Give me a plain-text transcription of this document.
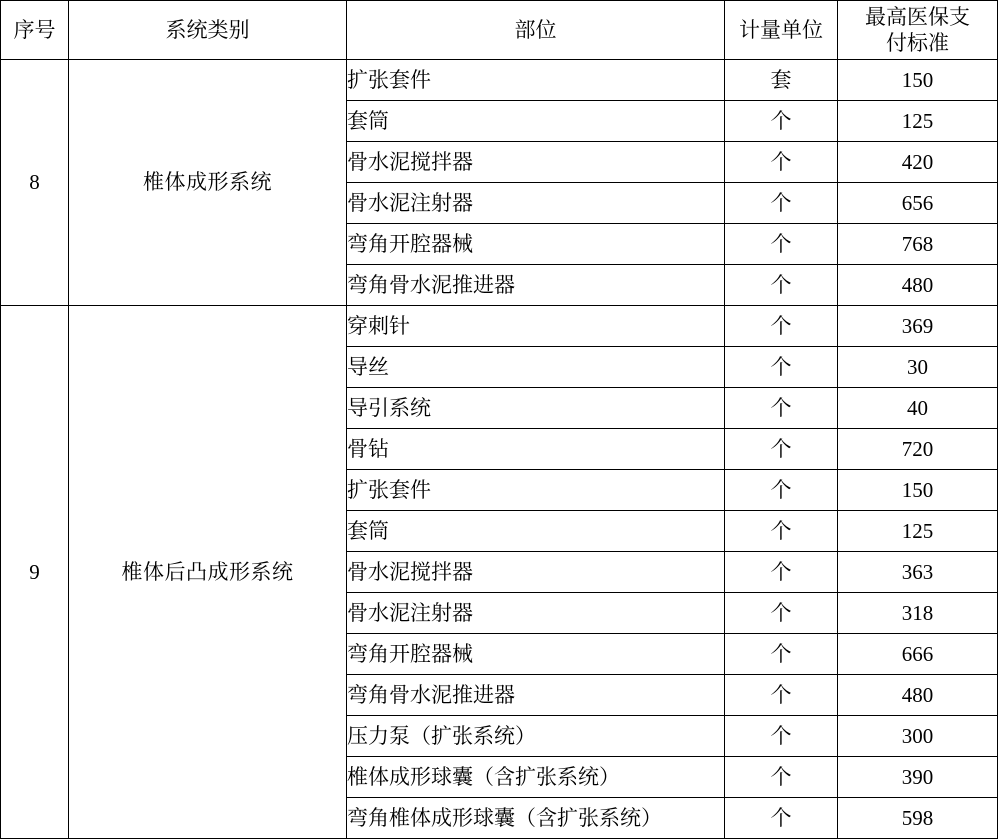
序号	系统类别	部位	计量单位	最高医保支
付标准

8	椎体成形系统	扩张套件	套	150
		套筒	个	125
		骨水泥搅拌器	个	420
		骨水泥注射器	个	656
		弯角开腔器械	个	768
		弯角骨水泥推进器	个	480
9	椎体后凸成形系统	穿刺针	个	369
		导丝	个	30
		导引系统	个	40
		骨钻	个	720
		扩张套件	个	150
		套筒	个	125
		骨水泥搅拌器	个	363
		骨水泥注射器	个	318
		弯角开腔器械	个	666
		弯角骨水泥推进器	个	480
		压力泵（扩张系统）	个	300
		椎体成形球囊（含扩张系统）	个	390
		弯角椎体成形球囊（含扩张系统）	个	598
